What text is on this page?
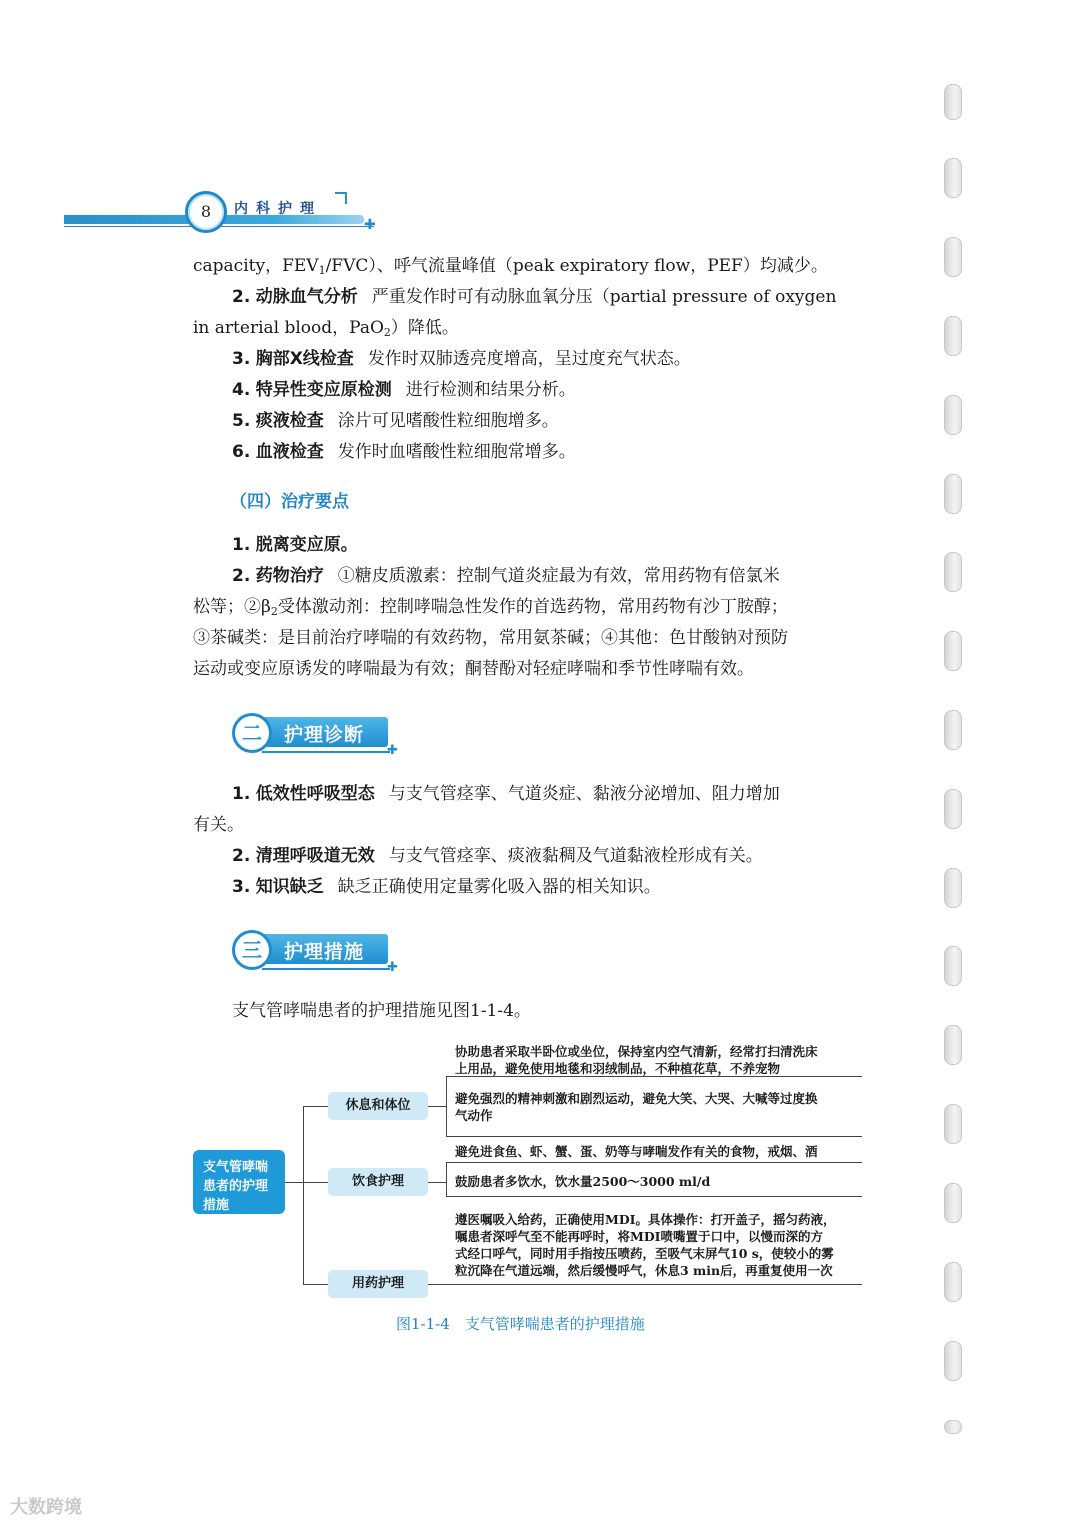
✚
8	内科护理
capacity，$FEV_1/FVC$）、呼气流量峰值（peak expiratory flow，PEF）均减少。
2. 动脉血气分析 严重发作时可有动脉血氧分压（partial pressure of oxygen
in arterial blood，PaO$_2$）降低。
3. 胸部X线检查 发作时双肺透亮度增高，呈过度充气状态。
4. 特异性变应原检测 进行检测和结果分析。
5. 痰液检查 涂片可见嗜酸性粒细胞增多。
6. 血液检查 发作时血嗜酸性粒细胞常增多。
（四）治疗要点
1. 脱离变应原。
2. 药物治疗 ①糖皮质激素：控制气道炎症最为有效，常用药物有倍氯米
松等；$②\beta_2$受体激动剂：控制哮喘急性发作的首选药物，常用药物有沙丁胺醇；
③茶碱类：是目前治疗哮喘的有效药物，常用氨茶碱；④其他：色甘酸钠对预防
运动或变应原诱发的哮喘最为有效；酮替酚对轻症哮喘和季节性哮喘有效。
二	护理诊断
✚
1. 低效性呼吸型态 与支气管痉挛、气道炎症、黏液分泌增加、阻力增加
有关。
2. 清理呼吸道无效 与支气管痉挛、痰液黏稠及气道黏液栓形成有关。
3. 知识缺乏 缺乏正确使用定量雾化吸入器的相关知识。
三	护理措施
✚
支气管哮喘患者的护理措施见图1-1-4。
支气管哮喘
患者的护理
措施
休息和体位
协助患者采取半卧位或坐位，保持室内空气清新，经常打扫清洗床
上用品，避免使用地毯和羽绒制品，不种植花草，不养宠物
避免强烈的精神刺激和剧烈运动，避免大笑、大哭、大喊等过度换
气动作
饮食护理
避免进食鱼、虾、蟹、蛋、奶等与哮喘发作有关的食物，戒烟、酒
鼓励患者多饮水，饮水量2500～3000 ml/d
用药护理
遵医嘱吸入给药，正确使用MDI。具体操作：打开盖子，摇匀药液，
嘱患者深呼气至不能再呼时，将MDI喷嘴置于口中，以慢而深的方
式经口呼气，同时用手指按压喷药，至吸气末屏气10 s，使较小的雾
粒沉降在气道远端，然后缓慢呼气，休息3 min后，再重复使用一次
图1-1-4　支气管哮喘患者的护理措施
大数跨境
